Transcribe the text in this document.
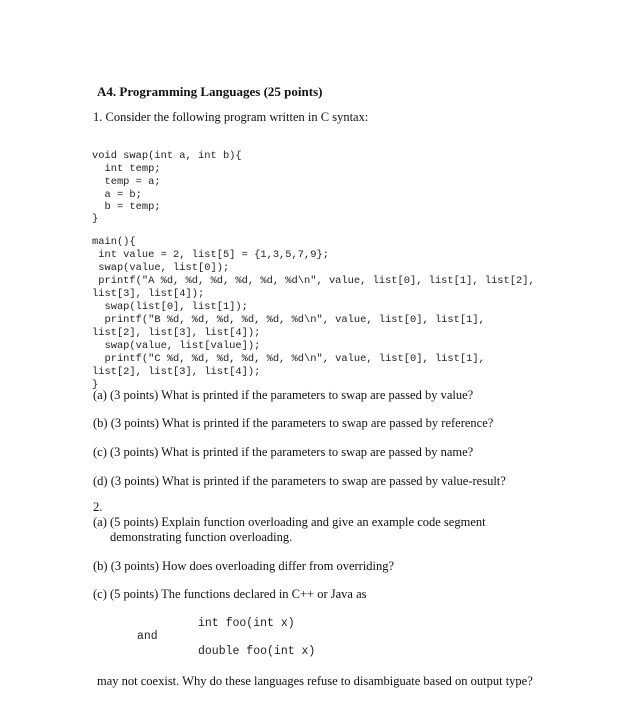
A4. Programming Languages (25 points)
1. Consider the following program written in C syntax:
void swap(int a, int b){
int temp;
temp = a;
a = b;
b = temp;
}
main(){
int value = 2, list[5] = {1,3,5,7,9};
swap(value, list[0]);
printf("A %d, %d, %d, %d, %d, %d\n", value, list[0], list[1], list[2],
list[3], list[4]);
swap(list[0], list[1]);
printf("B %d, %d, %d, %d, %d, %d\n", value, list[0], list[1],
list[2], list[3], list[4]);
swap(value, list[value]);
printf("C %d, %d, %d, %d, %d, %d\n", value, list[0], list[1],
list[2], list[3], list[4]);
}
(a) (3 points) What is printed if the parameters to swap are passed by value?
(b) (3 points) What is printed if the parameters to swap are passed by reference?
(c) (3 points) What is printed if the parameters to swap are passed by name?
(d) (3 points) What is printed if the parameters to swap are passed by value-result?
2.
(a) (5 points) Explain function overloading and give an example code segment
demonstrating function overloading.
(b) (3 points) How does overloading differ from overriding?
(c) (5 points) The functions declared in C++ or Java as
int foo(int x)
and
double foo(int x)
may not coexist. Why do these languages refuse to disambiguate based on output type?
